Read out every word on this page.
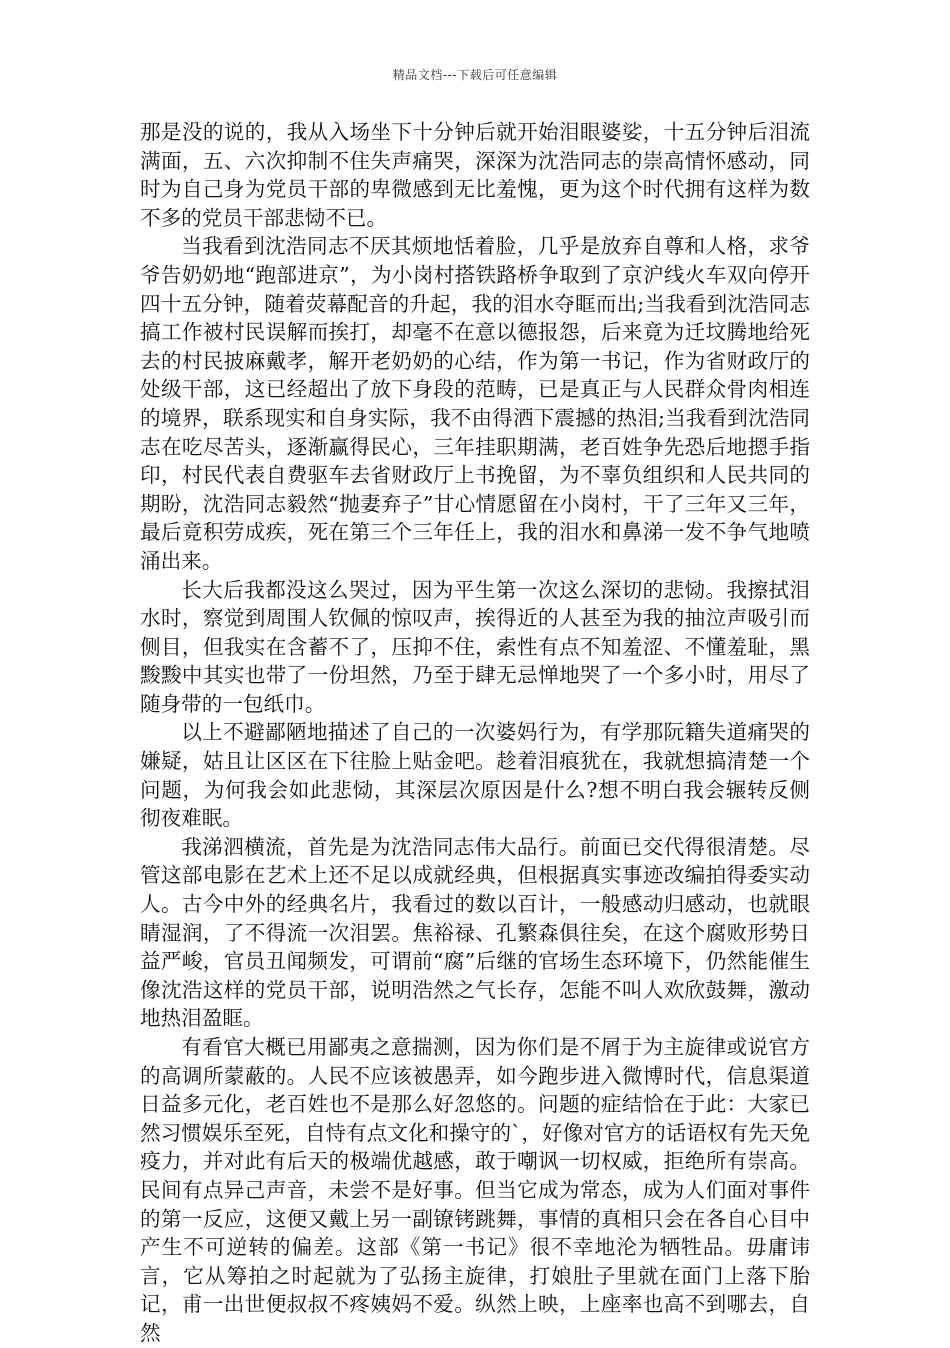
精品文档---下载后可任意编辑

那是没的说的，我从入场坐下十分钟后就开始泪眼婆娑，十五分钟后泪流满面，五、六次抑制不住失声痛哭，深深为沈浩同志的崇高情怀感动，同时为自己身为党员干部的卑微感到无比羞愧，更为这个时代拥有这样为数不多的党员干部悲恸不已。

当我看到沈浩同志不厌其烦地恬着脸，几乎是放弃自尊和人格，求爷爷告奶奶地“跑部进京”，为小岗村搭铁路桥争取到了京沪线火车双向停开四十五分钟，随着荧幕配音的升起，我的泪水夺眶而出;当我看到沈浩同志搞工作被村民误解而挨打，却毫不在意以德报怨，后来竟为迁坟腾地给死去的村民披麻戴孝，解开老奶奶的心结，作为第一书记，作为省财政厅的处级干部，这已经超出了放下身段的范畴，已是真正与人民群众骨肉相连的境界，联系现实和自身实际，我不由得洒下震撼的热泪;当我看到沈浩同志在吃尽苦头，逐渐赢得民心，三年挂职期满，老百姓争先恐后地摁手指印，村民代表自费驱车去省财政厅上书挽留，为不辜负组织和人民共同的期盼，沈浩同志毅然“抛妻弃子”甘心情愿留在小岗村，干了三年又三年，最后竟积劳成疾，死在第三个三年任上，我的泪水和鼻涕一发不争气地喷涌出来。

长大后我都没这么哭过，因为平生第一次这么深切的悲恸。我擦拭泪水时，察觉到周围人钦佩的惊叹声，挨得近的人甚至为我的抽泣声吸引而侧目，但我实在含蓄不了，压抑不住，索性有点不知羞涩、不懂羞耻，黑黢黢中其实也带了一份坦然，乃至于肆无忌惮地哭了一个多小时，用尽了随身带的一包纸巾。

以上不避鄙陋地描述了自己的一次婆妈行为，有学那阮籍失道痛哭的嫌疑，姑且让区区在下往脸上贴金吧。趁着泪痕犹在，我就想搞清楚一个问题，为何我会如此悲恸，其深层次原因是什么?想不明白我会辗转反侧彻夜难眠。

我涕泗横流，首先是为沈浩同志伟大品行。前面已交代得很清楚。尽管这部电影在艺术上还不足以成就经典，但根据真实事迹改编拍得委实动人。古今中外的经典名片，我看过的数以百计，一般感动归感动，也就眼睛湿润，了不得流一次泪罢。焦裕禄、孔繁森俱往矣，在这个腐败形势日益严峻，官员丑闻频发，可谓前“腐”后继的官场生态环境下，仍然能催生像沈浩这样的党员干部，说明浩然之气长存，怎能不叫人欢欣鼓舞，激动地热泪盈眶。

有看官大概已用鄙夷之意揣测，因为你们是不屑于为主旋律或说官方的高调所蒙蔽的。人民不应该被愚弄，如今跑步进入微博时代，信息渠道日益多元化，老百姓也不是那么好忽悠的。问题的症结恰在于此：大家已然习惯娱乐至死，自恃有点文化和操守的`，好像对官方的话语权有先天免疫力，并对此有后天的极端优越感，敢于嘲讽一切权威，拒绝所有崇高。民间有点异己声音，未尝不是好事。但当它成为常态，成为人们面对事件的第一反应，这便又戴上另一副镣铐跳舞，事情的真相只会在各自心目中产生不可逆转的偏差。这部《第一书记》很不幸地沦为牺牲品。毋庸讳言，它从筹拍之时起就为了弘扬主旋律，打娘肚子里就在面门上落下胎记，甫一出世便叔叔不疼姨妈不爱。纵然上映，上座率也高不到哪去，自然
